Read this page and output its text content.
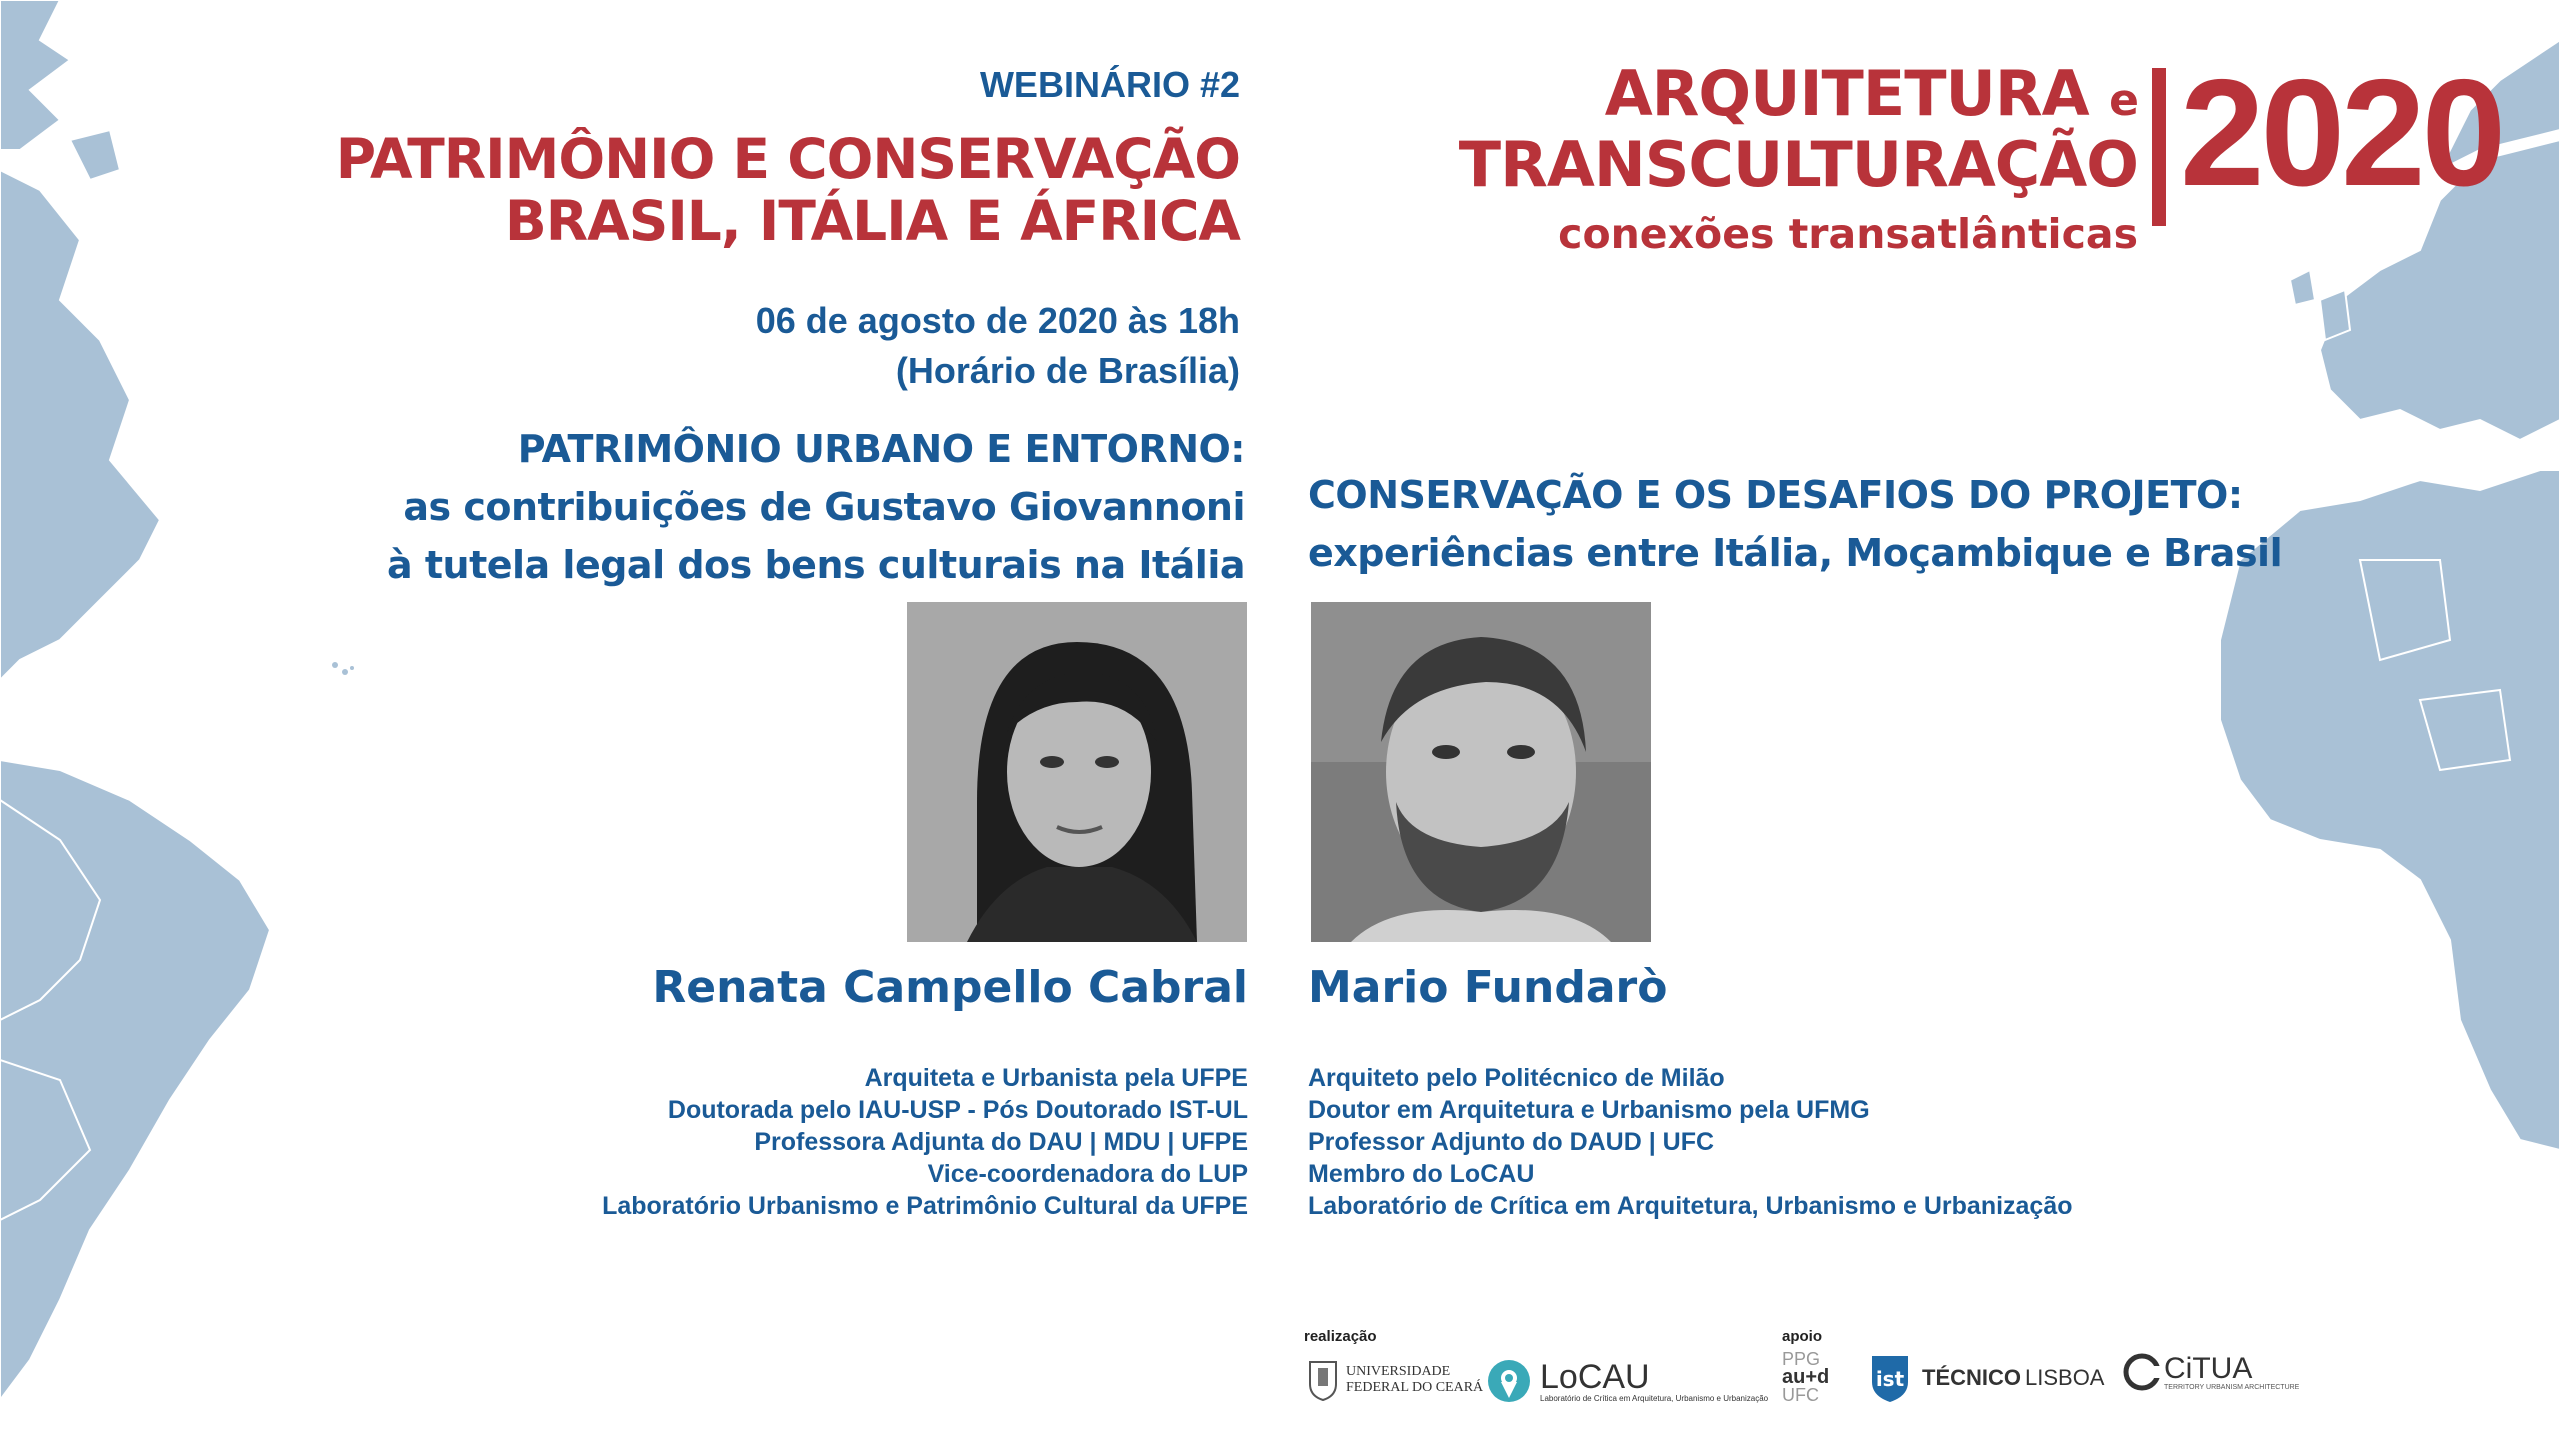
WEBINÁRIO #2
PATRIMÔNIO E CONSERVAÇÃO
BRASIL, ITÁLIA E ÁFRICA
06 de agosto de 2020 às 18h
(Horário de Brasília)
ARQUITETURA e
TRANSCULTURAÇÃO
conexões transatlânticas
2020
PATRIMÔNIO URBANO E ENTORNO:
as contribuições de Gustavo Giovannoni
à tutela legal dos bens culturais na Itália
CONSERVAÇÃO E OS DESAFIOS DO PROJETO:
experiências entre Itália, Moçambique e Brasil
Renata Campello Cabral Mario Fundarò
Arquiteta e Urbanista pela UFPE
Doutorada pelo IAU-USP - Pós Doutorado IST-UL
Professora Adjunta do DAU | MDU | UFPE
Vice-coordenadora do LUP
Laboratório Urbanismo e Patrimônio Cultural da UFPE
Arquiteto pelo Politécnico de Milão
Doutor em Arquitetura e Urbanismo pela UFMG
Professor Adjunto do DAUD | UFC
Membro do LoCAU
Laboratório de Crítica em Arquitetura, Urbanismo e Urbanização
realização	apoio
UNIVERSIDADE
FEDERAL DO CEARÁ LoCAU
Laboratório de Crítica em Arquitetura, Urbanismo e Urbanização
PPG
au+d
UFC
ist TÉCNICO LISBOA CiTUA
TERRITORY URBANISM ARCHITECTURE
